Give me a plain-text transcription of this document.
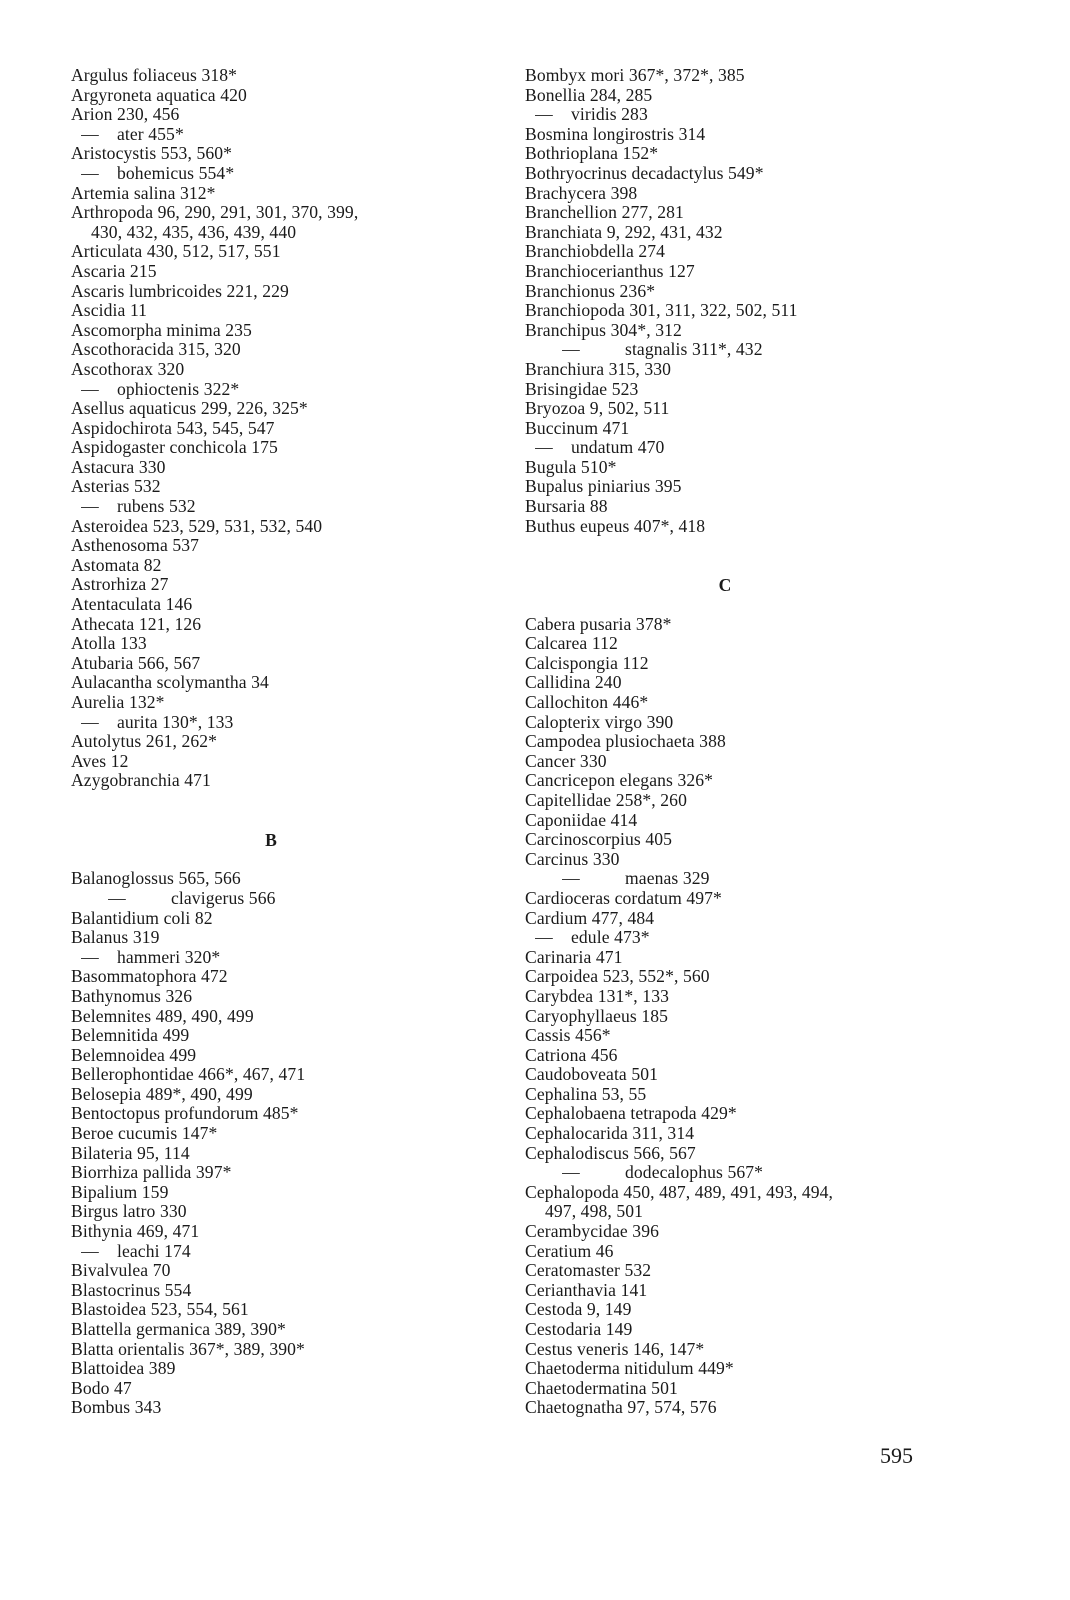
Argulus foliaceus 318*
Argyroneta aquatica 420
Arion 230, 456
— ater 455*
Aristocystis 553, 560*
— bohemicus 554*
Artemia salina 312*
Arthropoda 96, 290, 291, 301, 370, 399,
430, 432, 435, 436, 439, 440
Articulata 430, 512, 517, 551
Ascaria 215
Ascaris lumbricoides 221, 229
Ascidia 11
Ascomorpha minima 235
Ascothoracida 315, 320
Ascothorax 320
— ophioctenis 322*
Asellus aquaticus 299, 226, 325*
Aspidochirota 543, 545, 547
Aspidogaster conchicola 175
Astacura 330
Asterias 532
— rubens 532
Asteroidea 523, 529, 531, 532, 540
Asthenosoma 537
Astomata 82
Astrorhiza 27
Atentaculata 146
Athecata 121, 126
Atolla 133
Atubaria 566, 567
Aulacantha scolymantha 34
Aurelia 132*
— aurita 130*, 133
Autolytus 261, 262*
Aves 12
Azygobranchia 471
B
Balanoglossus 565, 566
—	clavigerus 566
Balantidium coli 82
Balanus 319
— hammeri 320*
Basommatophora 472
Bathynomus 326
Belemnites 489, 490, 499
Belemnitida 499
Belemnoidea 499
Bellerophontidae 466*, 467, 471
Belosepia 489*, 490, 499
Bentoctopus profundorum 485*
Beroe cucumis 147*
Bilateria 95, 114
Biorrhiza pallida 397*
Bipalium 159
Birgus latro 330
Bithynia 469, 471
— leachi 174
Bivalvulea 70
Blastocrinus 554
Blastoidea 523, 554, 561
Blattella germanica 389, 390*
Blatta orientalis 367*, 389, 390*
Blattoidea 389
Bodo 47
Bombus 343
Bombyx mori 367*, 372*, 385
Bonellia 284, 285
— viridis 283
Bosmina longirostris 314
Bothrioplana 152*
Bothryocrinus decadactylus 549*
Brachycera 398
Branchellion 277, 281
Branchiata 9, 292, 431, 432
Branchiobdella 274
Branchiocerianthus 127
Branchionus 236*
Branchiopoda 301, 311, 322, 502, 511
Branchipus 304*, 312
—	stagnalis 311*, 432
Branchiura 315, 330
Brisingidae 523
Bryozoa 9, 502, 511
Buccinum 471
— undatum 470
Bugula 510*
Bupalus piniarius 395
Bursaria 88
Buthus eupeus 407*, 418
C
Cabera pusaria 378*
Calcarea 112
Calcispongia 112
Callidina 240
Callochiton 446*
Calopterix virgo 390
Campodea plusiochaeta 388
Cancer 330
Cancricepon elegans 326*
Capitellidae 258*, 260
Caponiidae 414
Carcinoscorpius 405
Carcinus 330
—	maenas 329
Cardioceras cordatum 497*
Cardium 477, 484
— edule 473*
Carinaria 471
Carpoidea 523, 552*, 560
Carybdea 131*, 133
Caryophyllaeus 185
Cassis 456*
Catriona 456
Caudoboveata 501
Cephalina 53, 55
Cephalobaena tetrapoda 429*
Cephalocarida 311, 314
Cephalodiscus 566, 567
—	dodecalophus 567*
Cephalopoda 450, 487, 489, 491, 493, 494,
497, 498, 501
Cerambycidae 396
Ceratium 46
Ceratomaster 532
Cerianthavia 141
Cestoda 9, 149
Cestodaria 149
Cestus veneris 146, 147*
Chaetoderma nitidulum 449*
Chaetodermatina 501
Chaetognatha 97, 574, 576
595
